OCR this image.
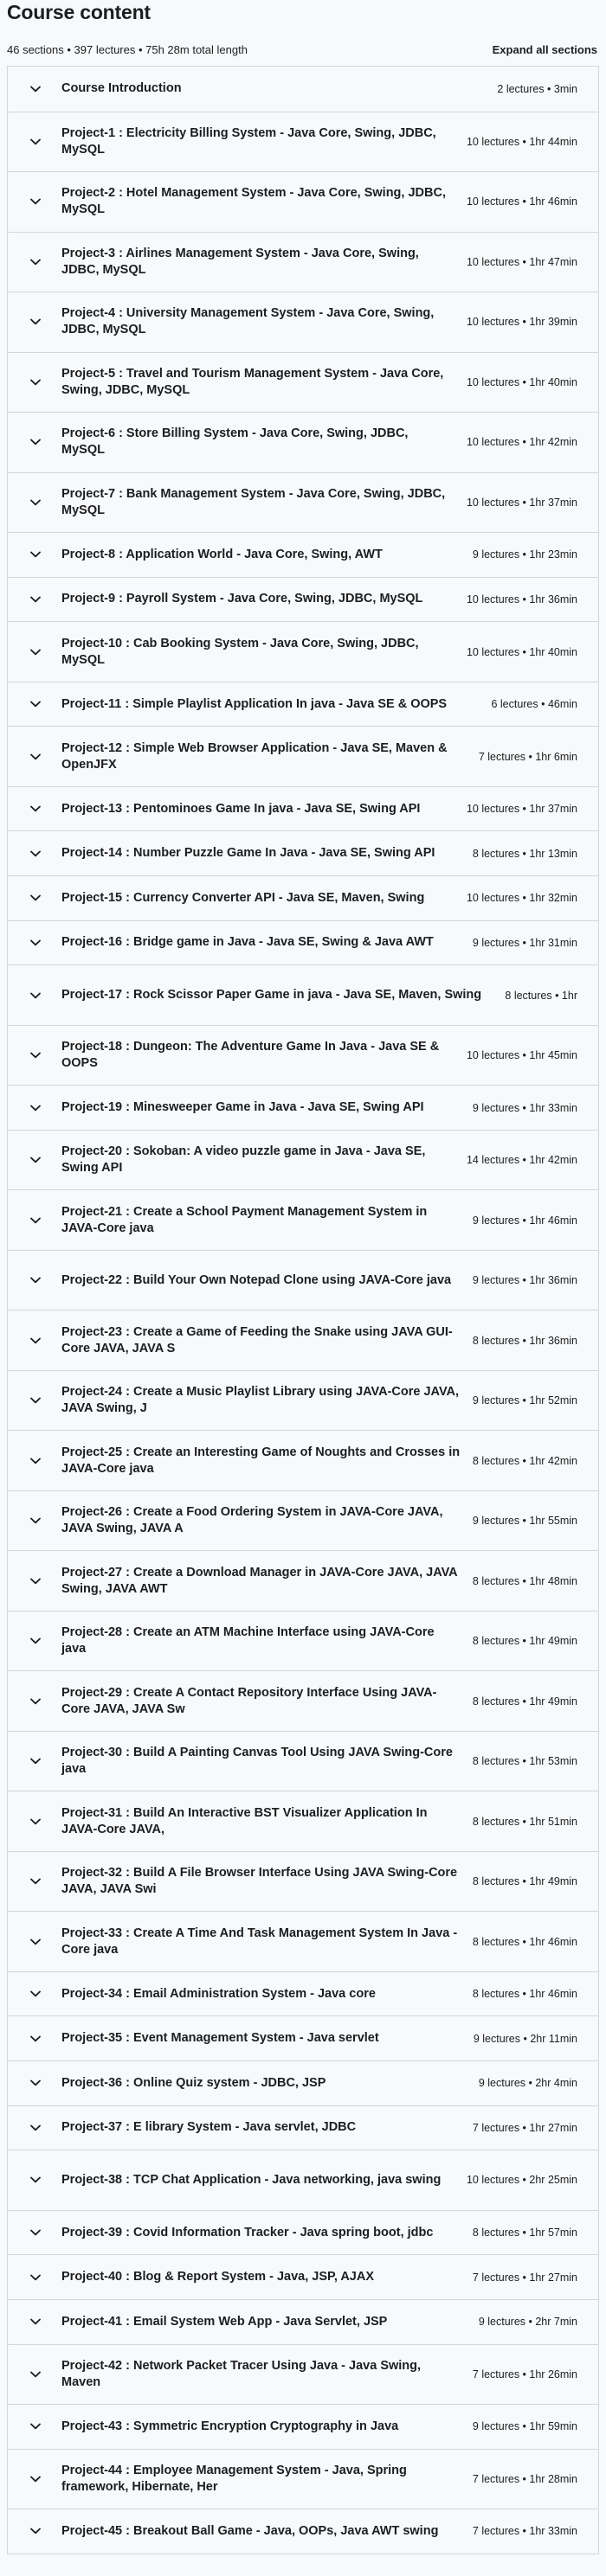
Course content
46 sections • 397 lectures • 75h 28m total length	Expand all sections
Course Introduction	2 lectures • 3min
Project-1 : Electricity Billing System - Java Core, Swing, JDBC, MySQL
10 lectures • 1hr 44min
Project-2 : Hotel Management System - Java Core, Swing, JDBC, MySQL
10 lectures • 1hr 46min
Project-3 : Airlines Management System - Java Core, Swing, JDBC, MySQL
10 lectures • 1hr 47min
Project-4 : University Management System - Java Core, Swing, JDBC, MySQL
10 lectures • 1hr 39min
Project-5 : Travel and Tourism Management System - Java Core, Swing, JDBC, MySQL
10 lectures • 1hr 40min
Project-6 : Store Billing System - Java Core, Swing, JDBC, MySQL
10 lectures • 1hr 42min
Project-7 : Bank Management System - Java Core, Swing, JDBC, MySQL
10 lectures • 1hr 37min
Project-8 : Application World - Java Core, Swing, AWT	9 lectures • 1hr 23min
Project-9 : Payroll System - Java Core, Swing, JDBC, MySQL	10 lectures • 1hr 36min
Project-10 : Cab Booking System - Java Core, Swing, JDBC, MySQL
10 lectures • 1hr 40min
Project-11 : Simple Playlist Application In java - Java SE & OOPS	6 lectures • 46min
Project-12 : Simple Web Browser Application - Java SE, Maven & OpenJFX
7 lectures • 1hr 6min
Project-13 : Pentominoes Game In java - Java SE, Swing API	10 lectures • 1hr 37min
Project-14 : Number Puzzle Game In Java - Java SE, Swing API	8 lectures • 1hr 13min
Project-15 : Currency Converter API - Java SE, Maven, Swing	10 lectures • 1hr 32min
Project-16 : Bridge game in Java - Java SE, Swing & Java AWT	9 lectures • 1hr 31min
Project-17 : Rock Scissor Paper Game in java - Java SE, Maven, Swing	8 lectures • 1hr
Project-18 : Dungeon: The Adventure Game In Java - Java SE & OOPS
10 lectures • 1hr 45min
Project-19 : Minesweeper Game in Java - Java SE, Swing API	9 lectures • 1hr 33min
Project-20 : Sokoban: A video puzzle game in Java - Java SE, Swing API
14 lectures • 1hr 42min
Project-21 : Create a School Payment Management System in JAVA-Core java
9 lectures • 1hr 46min
Project-22 : Build Your Own Notepad Clone using JAVA-Core java	9 lectures • 1hr 36min
Project-23 : Create a Game of Feeding the Snake using JAVA GUI-Core JAVA, JAVA S
8 lectures • 1hr 36min
Project-24 : Create a Music Playlist Library using JAVA-Core JAVA, JAVA Swing, J
9 lectures • 1hr 52min
Project-25 : Create an Interesting Game of Noughts and Crosses in JAVA-Core java
8 lectures • 1hr 42min
Project-26 : Create a Food Ordering System in JAVA-Core JAVA, JAVA Swing, JAVA A
9 lectures • 1hr 55min
Project-27 : Create a Download Manager in JAVA-Core JAVA, JAVA Swing, JAVA AWT
8 lectures • 1hr 48min
Project-28 : Create an ATM Machine Interface using JAVA-Core java
8 lectures • 1hr 49min
Project-29 : Create A Contact Repository Interface Using JAVA-Core JAVA, JAVA Sw
8 lectures • 1hr 49min
Project-30 : Build A Painting Canvas Tool Using JAVA Swing-Core java
8 lectures • 1hr 53min
Project-31 : Build An Interactive BST Visualizer Application In JAVA-Core JAVA,
8 lectures • 1hr 51min
Project-32 : Build A File Browser Interface Using JAVA Swing-Core JAVA, JAVA Swi
8 lectures • 1hr 49min
Project-33 : Create A Time And Task Management System In Java -Core java
8 lectures • 1hr 46min
Project-34 : Email Administration System - Java core	8 lectures • 1hr 46min
Project-35 : Event Management System - Java servlet	9 lectures • 2hr 11min
Project-36 : Online Quiz system - JDBC, JSP	9 lectures • 2hr 4min
Project-37 : E library System - Java servlet, JDBC	7 lectures • 1hr 27min
Project-38 : TCP Chat Application - Java networking, java swing	10 lectures • 2hr 25min
Project-39 : Covid Information Tracker - Java spring boot, jdbc	8 lectures • 1hr 57min
Project-40 : Blog & Report System - Java, JSP, AJAX	7 lectures • 1hr 27min
Project-41 : Email System Web App - Java Servlet, JSP	9 lectures • 2hr 7min
Project-42 : Network Packet Tracer Using Java - Java Swing, Maven
7 lectures • 1hr 26min
Project-43 : Symmetric Encryption Cryptography in Java	9 lectures • 1hr 59min
Project-44 : Employee Management System - Java, Spring framework, Hibernate, Her
7 lectures • 1hr 28min
Project-45 : Breakout Ball Game - Java, OOPs, Java AWT swing	7 lectures • 1hr 33min
